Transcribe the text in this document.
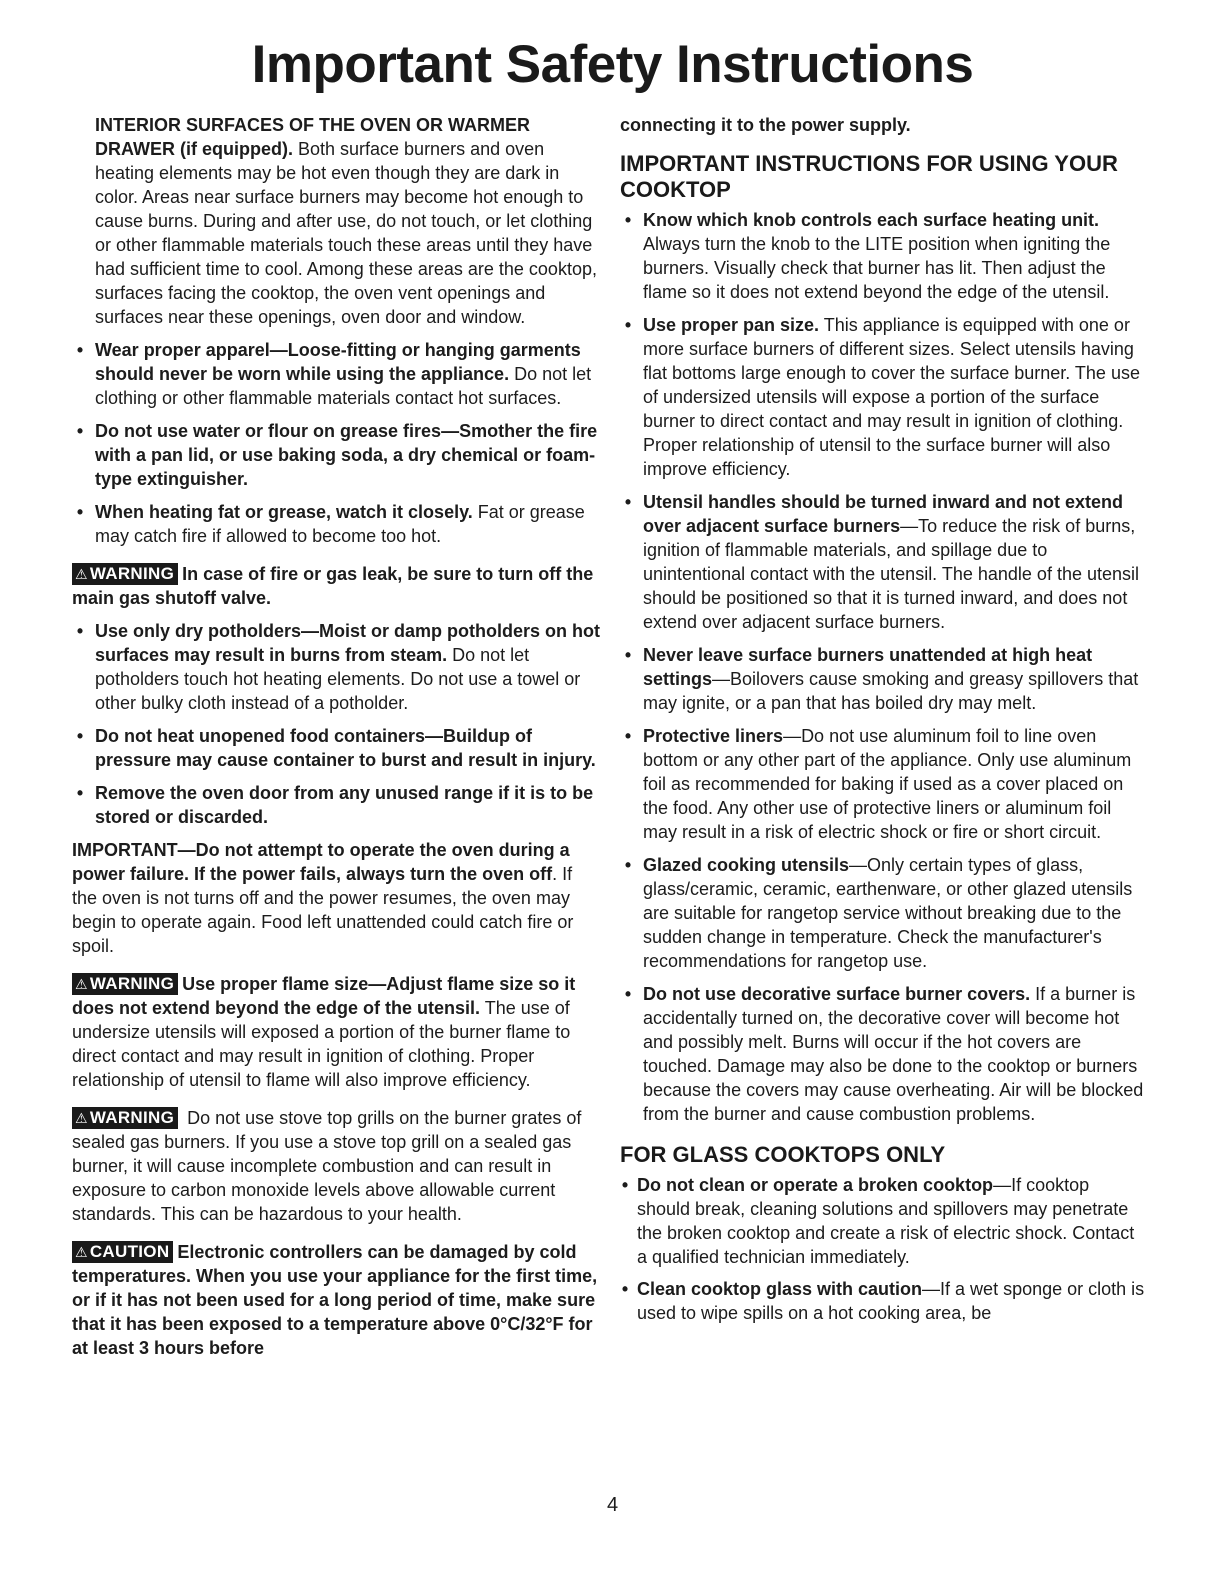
Important Safety Instructions

INTERIOR SURFACES OF THE OVEN OR WARMER DRAWER (if equipped). Both surface burners and oven heating elements may be hot even though they are dark in color. Areas near surface burners may become hot enough to cause burns. During and after use, do not touch, or let clothing or other flammable materials touch these areas until they have had sufficient time to cool. Among these areas are the cooktop, surfaces facing the cooktop, the oven vent openings and surfaces near these openings, oven door and window.

• Wear proper apparel—Loose-fitting or hanging garments should never be worn while using the appliance. Do not let clothing or other flammable materials contact hot surfaces.
• Do not use water or flour on grease fires—Smother the fire with a pan lid, or use baking soda, a dry chemical or foam-type extinguisher.
• When heating fat or grease, watch it closely. Fat or grease may catch fire if allowed to become too hot.

⚠ WARNING In case of fire or gas leak, be sure to turn off the main gas shutoff valve.

• Use only dry potholders—Moist or damp potholders on hot surfaces may result in burns from steam. Do not let potholders touch hot heating elements. Do not use a towel or other bulky cloth instead of a potholder.
• Do not heat unopened food containers—Buildup of pressure may cause container to burst and result in injury.
• Remove the oven door from any unused range if it is to be stored or discarded.

IMPORTANT—Do not attempt to operate the oven during a power failure. If the power fails, always turn the oven off. If the oven is not turns off and the power resumes, the oven may begin to operate again. Food left unattended could catch fire or spoil.

⚠ WARNING Use proper flame size—Adjust flame size so it does not extend beyond the edge of the utensil. The use of undersize utensils will exposed a portion of the burner flame to direct contact and may result in ignition of clothing. Proper relationship of utensil to flame will also improve efficiency.

⚠ WARNING Do not use stove top grills on the burner grates of sealed gas burners. If you use a stove top grill on a sealed gas burner, it will cause incomplete combustion and can result in exposure to carbon monoxide levels above allowable current standards. This can be hazardous to your health.

⚠ CAUTION Electronic controllers can be damaged by cold temperatures. When you use your appliance for the first time, or if it has not been used for a long period of time, make sure that it has been exposed to a temperature above 0°C/32°F for at least 3 hours before

connecting it to the power supply.

IMPORTANT INSTRUCTIONS FOR USING YOUR COOKTOP
• Know which knob controls each surface heating unit. Always turn the knob to the LITE position when igniting the burners. Visually check that burner has lit. Then adjust the flame so it does not extend beyond the edge of the utensil.
• Use proper pan size. This appliance is equipped with one or more surface burners of different sizes. Select utensils having flat bottoms large enough to cover the surface burner. The use of undersized utensils will expose a portion of the surface burner to direct contact and may result in ignition of clothing. Proper relationship of utensil to the surface burner will also improve efficiency.
• Utensil handles should be turned inward and not extend over adjacent surface burners—To reduce the risk of burns, ignition of flammable materials, and spillage due to unintentional contact with the utensil. The handle of the utensil should be positioned so that it is turned inward, and does not extend over adjacent surface burners.
• Never leave surface burners unattended at high heat settings—Boilovers cause smoking and greasy spillovers that may ignite, or a pan that has boiled dry may melt.
• Protective liners—Do not use aluminum foil to line oven bottom or any other part of the appliance. Only use aluminum foil as recommended for baking if used as a cover placed on the food. Any other use of protective liners or aluminum foil may result in a risk of electric shock or fire or short circuit.
• Glazed cooking utensils—Only certain types of glass, glass/ceramic, ceramic, earthenware, or other glazed utensils are suitable for rangetop service without breaking due to the sudden change in temperature. Check the manufacturer's recommendations for rangetop use.
• Do not use decorative surface burner covers. If a burner is accidentally turned on, the decorative cover will become hot and possibly melt. Burns will occur if the hot covers are touched. Damage may also be done to the cooktop or burners because the covers may cause overheating. Air will be blocked from the burner and cause combustion problems.
FOR GLASS COOKTOPS ONLY
• Do not clean or operate a broken cooktop—If cooktop should break, cleaning solutions and spillovers may penetrate the broken cooktop and create a risk of electric shock. Contact a qualified technician immediately.
• Clean cooktop glass with caution—If a wet sponge or cloth is used to wipe spills on a hot cooking area, be
4
